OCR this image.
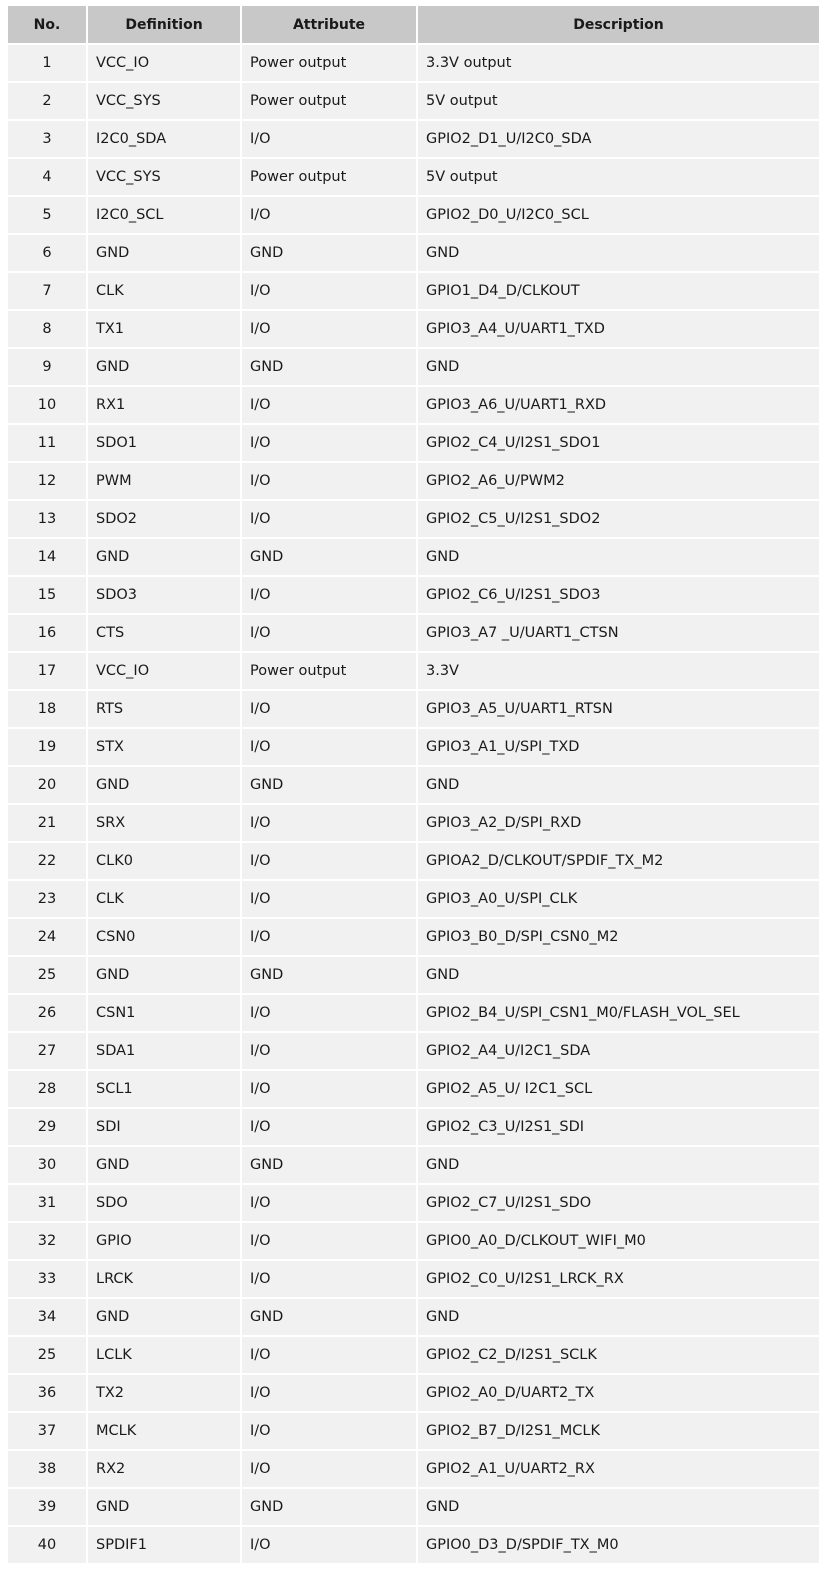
No.	Definition	Attribute	Description
1	VCC_IO	Power output	3.3V output
2	VCC_SYS	Power output	5V output
3	I2C0_SDA	I/O	GPIO2_D1_U/I2C0_SDA
4	VCC_SYS	Power output	5V output
5	I2C0_SCL	I/O	GPIO2_D0_U/I2C0_SCL
6	GND	GND	GND
7	CLK	I/O	GPIO1_D4_D/CLKOUT
8	TX1	I/O	GPIO3_A4_U/UART1_TXD
9	GND	GND	GND
10	RX1	I/O	GPIO3_A6_U/UART1_RXD
11	SDO1	I/O	GPIO2_C4_U/I2S1_SDO1
12	PWM	I/O	GPIO2_A6_U/PWM2
13	SDO2	I/O	GPIO2_C5_U/I2S1_SDO2
14	GND	GND	GND
15	SDO3	I/O	GPIO2_C6_U/I2S1_SDO3
16	CTS	I/O	GPIO3_A7 _U/UART1_CTSN
17	VCC_IO	Power output	3.3V
18	RTS	I/O	GPIO3_A5_U/UART1_RTSN
19	STX	I/O	GPIO3_A1_U/SPI_TXD
20	GND	GND	GND
21	SRX	I/O	GPIO3_A2_D/SPI_RXD
22	CLK0	I/O	GPIOA2_D/CLKOUT/SPDIF_TX_M2
23	CLK	I/O	GPIO3_A0_U/SPI_CLK
24	CSN0	I/O	GPIO3_B0_D/SPI_CSN0_M2
25	GND	GND	GND
26	CSN1	I/O	GPIO2_B4_U/SPI_CSN1_M0/FLASH_VOL_SEL
27	SDA1	I/O	GPIO2_A4_U/I2C1_SDA
28	SCL1	I/O	GPIO2_A5_U/ I2C1_SCL
29	SDI	I/O	GPIO2_C3_U/I2S1_SDI
30	GND	GND	GND
31	SDO	I/O	GPIO2_C7_U/I2S1_SDO
32	GPIO	I/O	GPIO0_A0_D/CLKOUT_WIFI_M0
33	LRCK	I/O	GPIO2_C0_U/I2S1_LRCK_RX
34	GND	GND	GND
25	LCLK	I/O	GPIO2_C2_D/I2S1_SCLK
36	TX2	I/O	GPIO2_A0_D/UART2_TX
37	MCLK	I/O	GPIO2_B7_D/I2S1_MCLK
38	RX2	I/O	GPIO2_A1_U/UART2_RX
39	GND	GND	GND
40	SPDIF1	I/O	GPIO0_D3_D/SPDIF_TX_M0
